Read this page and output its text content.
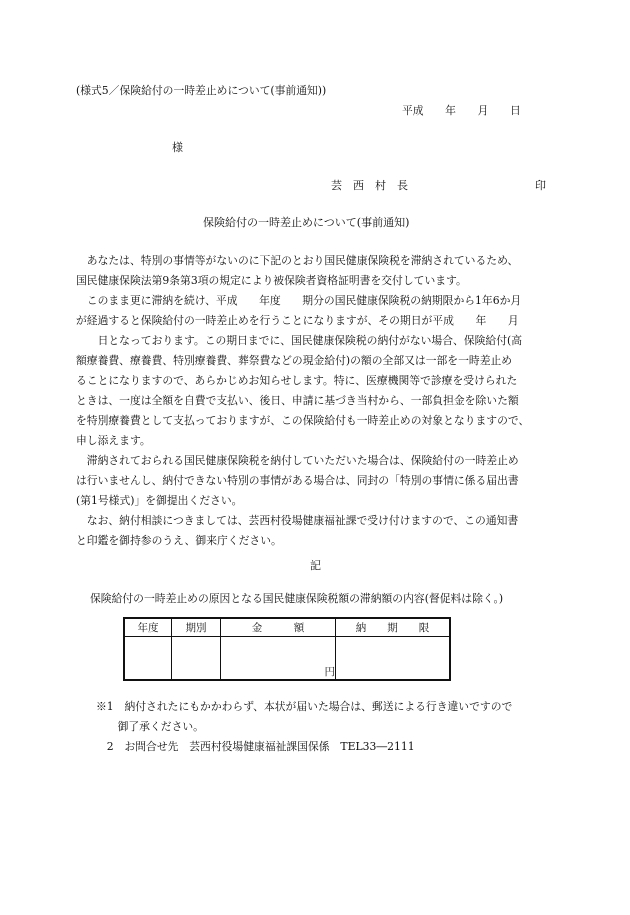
(様式5／保険給付の一時差止めについて(事前通知))
平成　　年　　月　　日
様
芸　西　村　長	印
保険給付の一時差止めについて(事前通知)
　あなたは、特別の事情等がないのに下記のとおり国民健康保険税を滞納されているため、
国民健康保険法第9条第3項の規定により被保険者資格証明書を交付しています。
　このまま更に滞納を続け、平成　　年度　　期分の国民健康保険税の納期限から1年6か月
が経過すると保険給付の一時差止めを行うことになりますが、その期日が平成　　年　　月
　　日となっております。この期日までに、国民健康保険税の納付がない場合、保険給付(高
額療養費、療養費、特別療養費、葬祭費などの現金給付)の額の全部又は一部を一時差止め
ることになりますので、あらかじめお知らせします。特に、医療機関等で診療を受けられた
ときは、一度は全額を自費で支払い、後日、申請に基づき当村から、一部負担金を除いた額
を特別療養費として支払っておりますが、この保険給付も一時差止めの対象となりますので、
申し添えます。
　滞納されておられる国民健康保険税を納付していただいた場合は、保険給付の一時差止め
は行いませんし、納付できない特別の事情がある場合は、同封の「特別の事情に係る届出書
(第1号様式)」を御提出ください。
　なお、納付相談につきましては、芸西村役場健康福祉課で受け付けますので、この通知書
と印鑑を御持参のうえ、御来庁ください。
記
保険給付の一時差止めの原因となる国民健康保険税額の滞納額の内容(督促料は除く。)
年度	期別	金　　　額	納　　期　　限
		円	
※1　納付されたにもかかわらず、本状が届いた場合は、郵送による行き違いですので
　　御了承ください。
　2　お問合せ先　芸西村役場健康福祉課国保係　TEL33―2111
